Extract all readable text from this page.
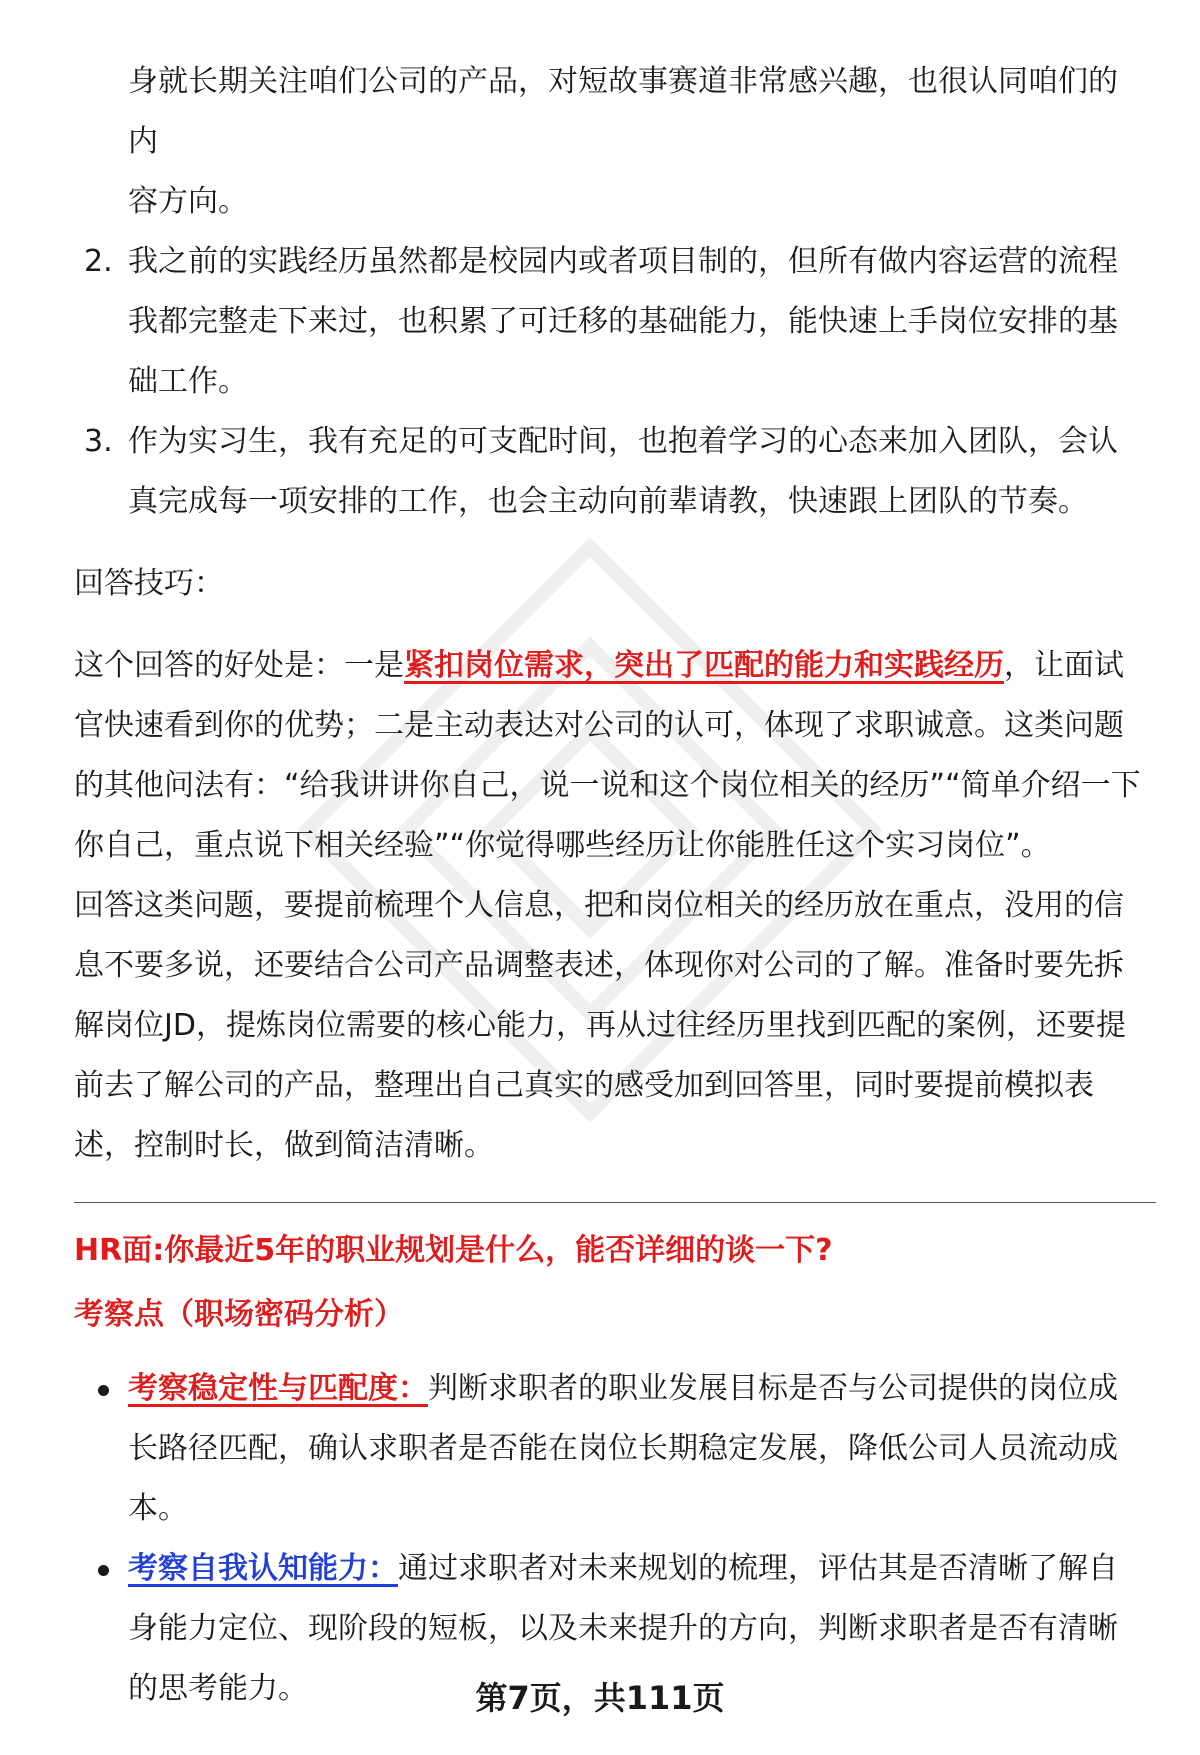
身就长期关注咱们公司的产品，对短故事赛道非常感兴趣，也很认同咱们的内

容方向。

2. 我之前的实践经历虽然都是校园内或者项目制的，但所有做内容运营的流程我都完整走下来过，也积累了可迁移的基础能力，能快速上手岗位安排的基础工作。
3. 作为实习生，我有充足的可支配时间，也抱着学习的心态来加入团队，会认真完成每一项安排的工作，也会主动向前辈请教，快速跟上团队的节奏。

回答技巧：

这个回答的好处是：一是紧扣岗位需求，突出了匹配的能力和实践经历，让面试官快速看到你的优势；二是主动表达对公司的认可，体现了求职诚意。这类问题的其他问法有：“给我讲讲你自己，说一说和这个岗位相关的经历”“简单介绍一下你自己，重点说下相关经验”“你觉得哪些经历让你能胜任这个实习岗位”。

回答这类问题，要提前梳理个人信息，把和岗位相关的经历放在重点，没用的信息不要多说，还要结合公司产品调整表述，体现你对公司的了解。准备时要先拆解岗位JD，提炼岗位需要的核心能力，再从过往经历里找到匹配的案例，还要提前去了解公司的产品，整理出自己真实的感受加到回答里，同时要提前模拟表述，控制时长，做到简洁清晰。

HR面:你最近5年的职业规划是什么，能否详细的谈一下?

考察点（职场密码分析）

考察稳定性与匹配度：判断求职者的职业发展目标是否与公司提供的岗位成长路径匹配，确认求职者是否能在岗位长期稳定发展，降低公司人员流动成本。
考察自我认知能力：通过求职者对未来规划的梳理，评估其是否清晰了解自身能力定位、现阶段的短板，以及未来提升的方向，判断求职者是否有清晰的思考能力。	第7页，共111页
